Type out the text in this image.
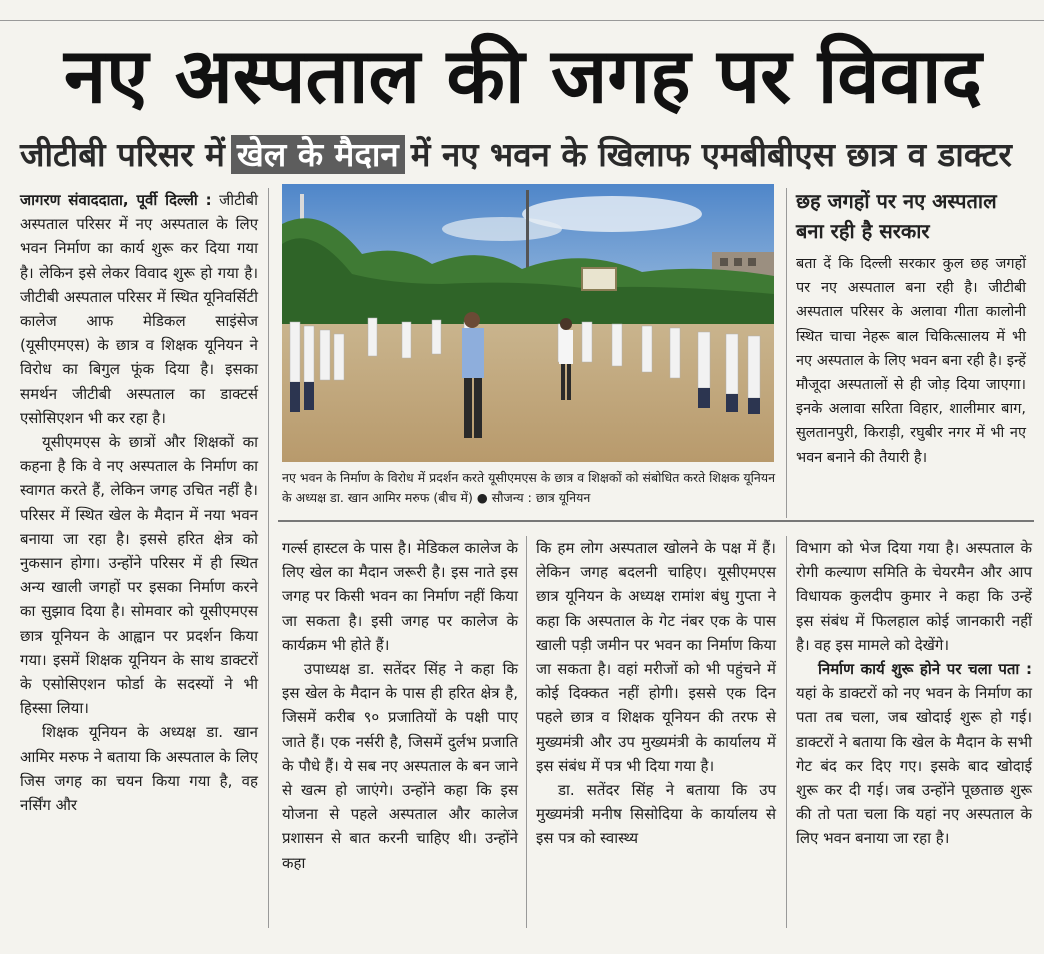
नए अस्पताल की जगह पर विवाद
जीटीबी परिसर में खेल के मैदान में नए भवन के खिलाफ एमबीबीएस छात्र व डाक्टर

जागरण संवाददाता, पूर्वी दिल्ली : जीटीबी अस्पताल परिसर में नए अस्पताल के लिए भवन निर्माण का कार्य शुरू कर दिया गया है। लेकिन इसे लेकर विवाद शुरू हो गया है। जीटीबी अस्पताल परिसर में स्थित यूनिवर्सिटी कालेज आफ मेडिकल साइंसेज (यूसीएमएस) के छात्र व शिक्षक यूनियन ने विरोध का बिगुल फूंक दिया है। इसका समर्थन जीटीबी अस्पताल का डाक्टर्स एसोसिएशन भी कर रहा है।

यूसीएमएस के छात्रों और शिक्षकों का कहना है कि वे नए अस्पताल के निर्माण का स्वागत करते हैं, लेकिन जगह उचित नहीं है। परिसर में स्थित खेल के मैदान में नया भवन बनाया जा रहा है। इससे हरित क्षेत्र को नुकसान होगा। उन्होंने परिसर में ही स्थित अन्य खाली जगहों पर इसका निर्माण करने का सुझाव दिया है। सोमवार को यूसीएमएस छात्र यूनियन के आह्वान पर प्रदर्शन किया गया। इसमें शिक्षक यूनियन के साथ डाक्टरों के एसोसिएशन फोर्डा के सदस्यों ने भी हिस्सा लिया।

शिक्षक यूनियन के अध्यक्ष डा. खान आमिर मरुफ ने बताया कि अस्पताल के लिए जिस जगह का चयन किया गया है, वह नर्सिंग और

नए भवन के निर्माण के विरोध में प्रदर्शन करते यूसीएमएस के छात्र व शिक्षकों को संबोधित करते शिक्षक यूनियन के अध्यक्ष डा. खान आमिर मरुफ (बीच में) ● सौजन्य : छात्र यूनियन
छह जगहों पर नए अस्पताल बना रही है सरकार
बता दें कि दिल्ली सरकार कुल छह जगहों पर नए अस्पताल बना रही है। जीटीबी अस्पताल परिसर के अलावा गीता कालोनी स्थित चाचा नेहरू बाल चिकित्सालय में भी नए अस्पताल के लिए भवन बना रही है। इन्हें मौजूदा अस्पतालों से ही जोड़ दिया जाएगा। इनके अलावा सरिता विहार, शालीमार बाग, सुलतानपुरी, किराड़ी, रघुबीर नगर में भी नए भवन बनाने की तैयारी है।

गर्ल्स हास्टल के पास है। मेडिकल कालेज के लिए खेल का मैदान जरूरी है। इस नाते इस जगह पर किसी भवन का निर्माण नहीं किया जा सकता है। इसी जगह पर कालेज के कार्यक्रम भी होते हैं।

उपाध्यक्ष डा. सतेंदर सिंह ने कहा कि इस खेल के मैदान के पास ही हरित क्षेत्र है, जिसमें करीब ९० प्रजातियों के पक्षी पाए जाते हैं। एक नर्सरी है, जिसमें दुर्लभ प्रजाति के पौधे हैं। ये सब नए अस्पताल के बन जाने से खत्म हो जाएंगे। उन्होंने कहा कि इस योजना से पहले अस्पताल और कालेज प्रशासन से बात करनी चाहिए थी। उन्होंने कहा

कि हम लोग अस्पताल खोलने के पक्ष में हैं। लेकिन जगह बदलनी चाहिए। यूसीएमएस छात्र यूनियन के अध्यक्ष रामांश बंधु गुप्ता ने कहा कि अस्पताल के गेट नंबर एक के पास खाली पड़ी जमीन पर भवन का निर्माण किया जा सकता है। वहां मरीजों को भी पहुंचने में कोई दिक्कत नहीं होगी। इससे एक दिन पहले छात्र व शिक्षक यूनियन की तरफ से मुख्यमंत्री और उप मुख्यमंत्री के कार्यालय में इस संबंध में पत्र भी दिया गया है।

डा. सतेंदर सिंह ने बताया कि उप मुख्यमंत्री मनीष सिसोदिया के कार्यालय से इस पत्र को स्वास्थ्य

विभाग को भेज दिया गया है। अस्पताल के रोगी कल्याण समिति के चेयरमैन और आप विधायक कुलदीप कुमार ने कहा कि उन्हें इस संबंध में फिलहाल कोई जानकारी नहीं है। वह इस मामले को देखेंगे।

निर्माण कार्य शुरू होने पर चला पता : यहां के डाक्टरों को नए भवन के निर्माण का पता तब चला, जब खोदाई शुरू हो गई। डाक्टरों ने बताया कि खेल के मैदान के सभी गेट बंद कर दिए गए। इसके बाद खोदाई शुरू कर दी गई। जब उन्होंने पूछताछ शुरू की तो पता चला कि यहां नए अस्पताल के लिए भवन बनाया जा रहा है।
